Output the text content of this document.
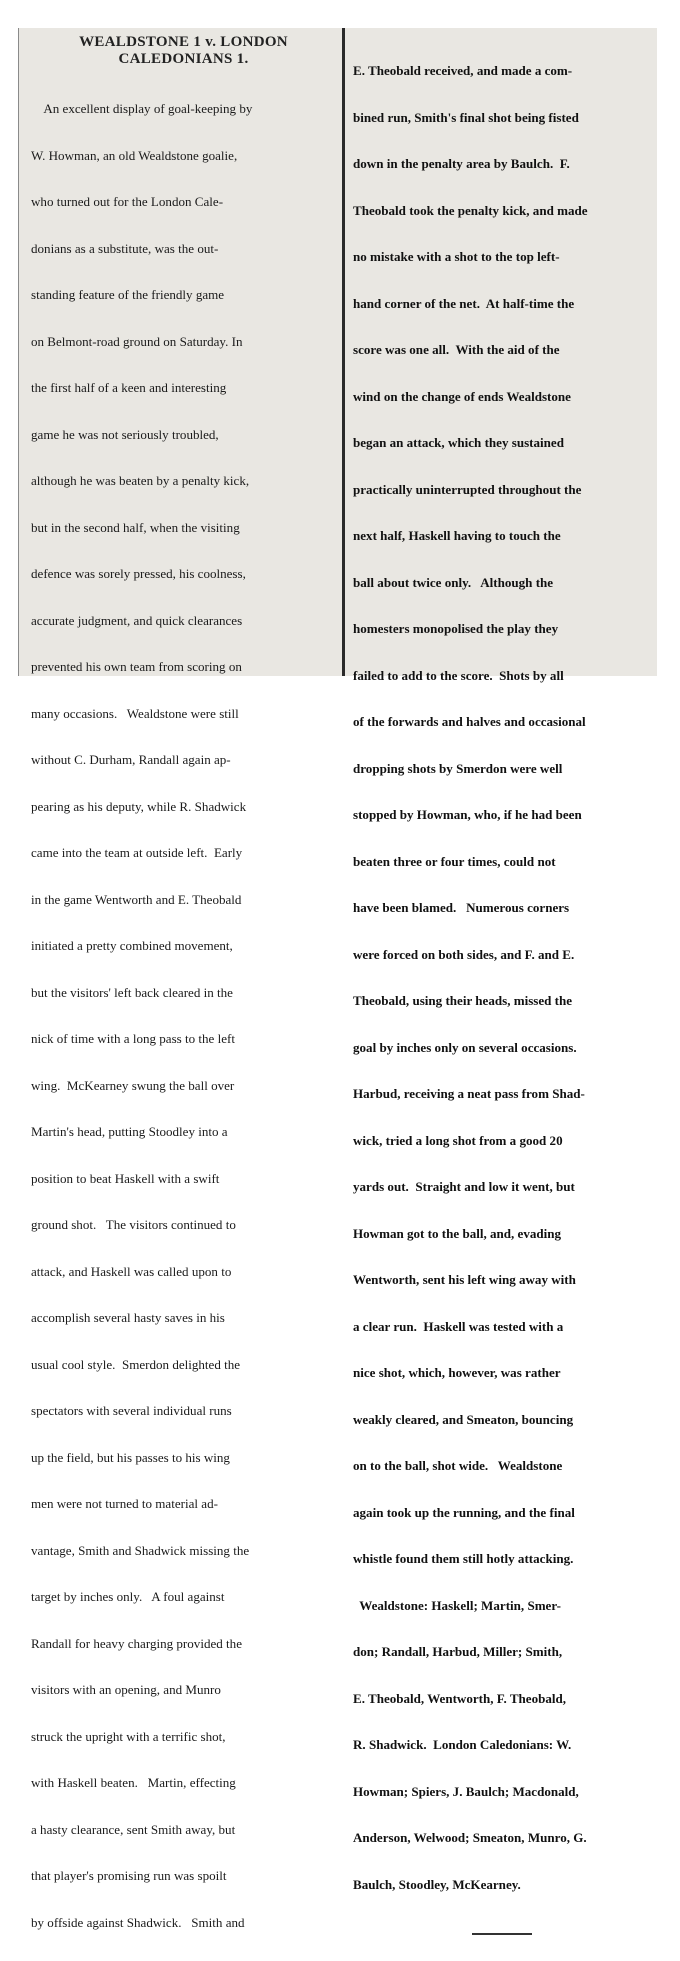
WEALDSTONE 1 v. LONDON
CALEDONIANS 1.

An excellent display of goal-keeping by

W. Howman, an old Wealdstone goalie,

who turned out for the London Cale-

donians as a substitute, was the out-

standing feature of the friendly game

on Belmont-road ground on Saturday. In

the first half of a keen and interesting

game he was not seriously troubled,

although he was beaten by a penalty kick,

but in the second half, when the visiting

defence was sorely pressed, his coolness,

accurate judgment, and quick clearances

prevented his own team from scoring on

many occasions.   Wealdstone were still

without C. Durham, Randall again ap-

pearing as his deputy, while R. Shadwick

came into the team at outside left.  Early

in the game Wentworth and E. Theobald

initiated a pretty combined movement,

but the visitors' left back cleared in the

nick of time with a long pass to the left

wing.  McKearney swung the ball over

Martin's head, putting Stoodley into a

position to beat Haskell with a swift

ground shot.   The visitors continued to

attack, and Haskell was called upon to

accomplish several hasty saves in his

usual cool style.  Smerdon delighted the

spectators with several individual runs

up the field, but his passes to his wing

men were not turned to material ad-

vantage, Smith and Shadwick missing the

target by inches only.   A foul against

Randall for heavy charging provided the

visitors with an opening, and Munro

struck the upright with a terrific shot,

with Haskell beaten.   Martin, effecting

a hasty clearance, sent Smith away, but

that player's promising run was spoilt

by offside against Shadwick.   Smith and

E. Theobald received, and made a com-

bined run, Smith's final shot being fisted

down in the penalty area by Baulch.  F.

Theobald took the penalty kick, and made

no mistake with a shot to the top left-

hand corner of the net.  At half-time the

score was one all.  With the aid of the

wind on the change of ends Wealdstone

began an attack, which they sustained

practically uninterrupted throughout the

next half, Haskell having to touch the

ball about twice only.   Although the

homesters monopolised the play they

failed to add to the score.  Shots by all

of the forwards and halves and occasional

dropping shots by Smerdon were well

stopped by Howman, who, if he had been

beaten three or four times, could not

have been blamed.   Numerous corners

were forced on both sides, and F. and E.

Theobald, using their heads, missed the

goal by inches only on several occasions.

Harbud, receiving a neat pass from Shad-

wick, tried a long shot from a good 20

yards out.  Straight and low it went, but

Howman got to the ball, and, evading

Wentworth, sent his left wing away with

a clear run.  Haskell was tested with a

nice shot, which, however, was rather

weakly cleared, and Smeaton, bouncing

on to the ball, shot wide.   Wealdstone

again took up the running, and the final

whistle found them still hotly attacking.

Wealdstone: Haskell; Martin, Smer-

don; Randall, Harbud, Miller; Smith,

E. Theobald, Wentworth, F. Theobald,

R. Shadwick.  London Caledonians: W.

Howman; Spiers, J. Baulch; Macdonald,

Anderson, Welwood; Smeaton, Munro, G.

Baulch, Stoodley, McKearney.
